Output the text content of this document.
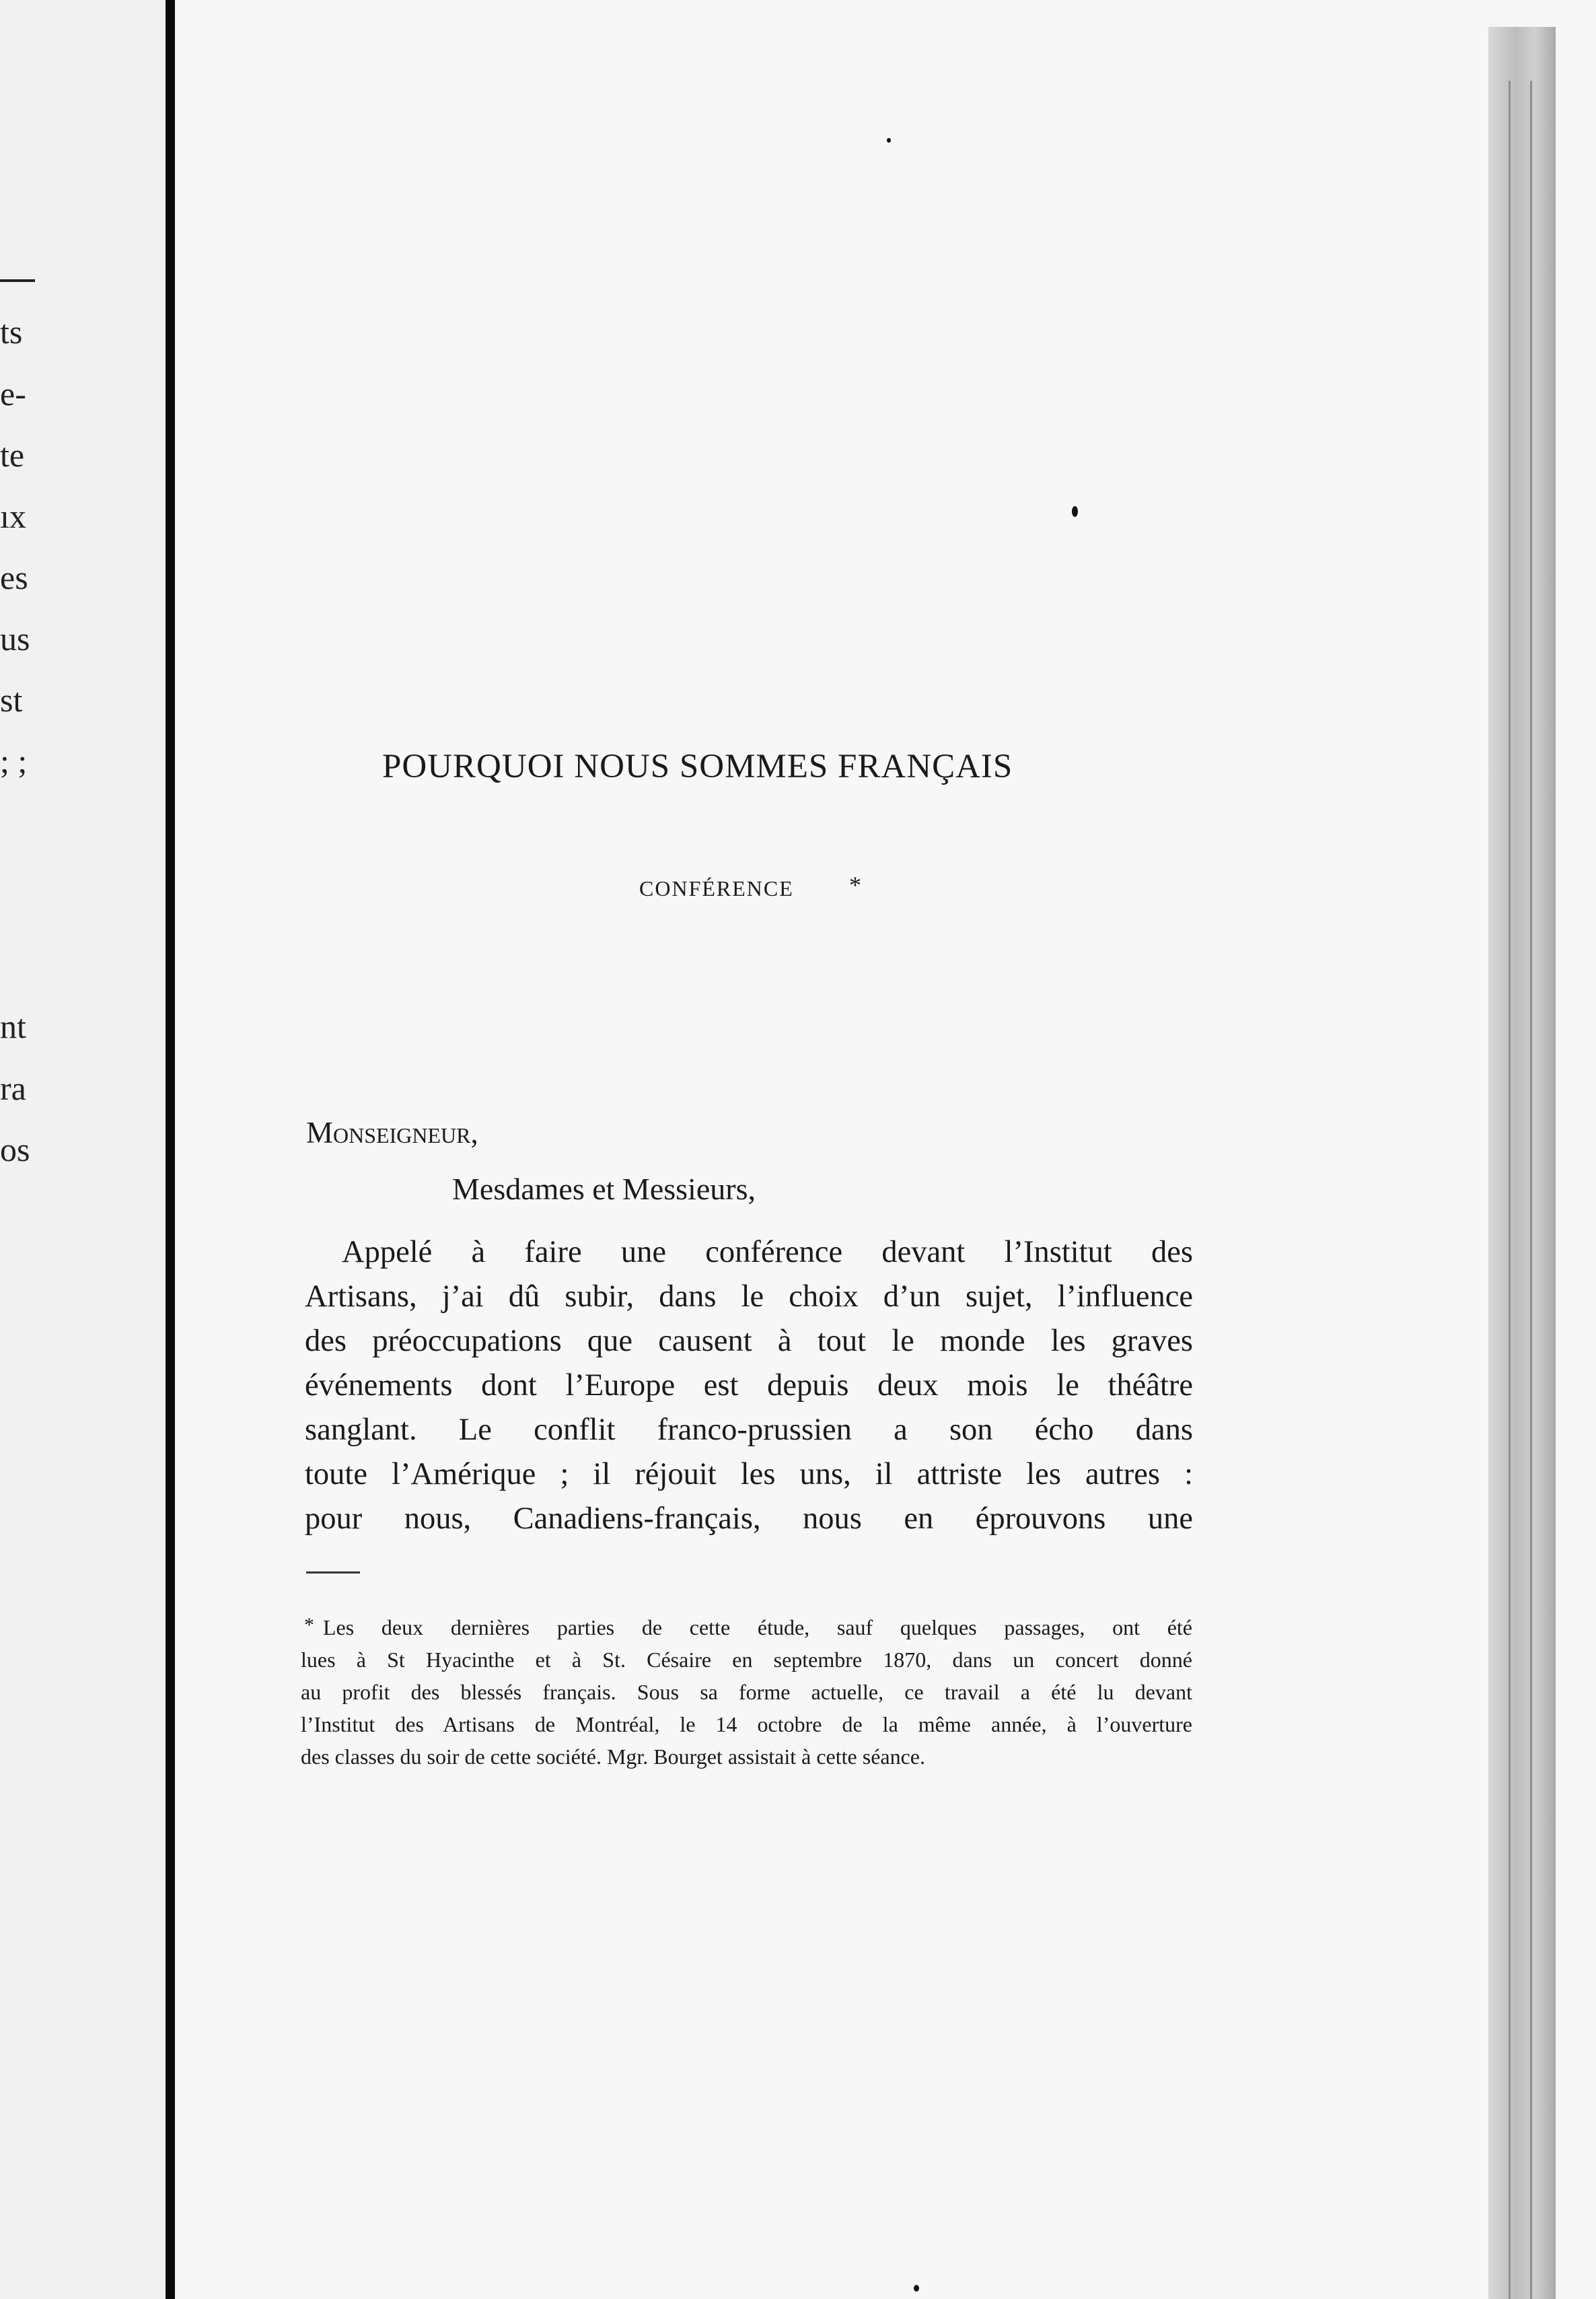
ts
e-
te
ıx
es
us
st
; ;
nt
ra
os
POURQUOI NOUS SOMMES FRANÇAIS
CONFÉRENCE *
Monseigneur,
Mesdames et Messieurs,
Appelé à faire une conférence devant l’Institut des
Artisans, j’ai dû subir, dans le choix d’un sujet, l’influence
des préoccupations que causent à tout le monde les graves
événements dont l’Europe est depuis deux mois le théâtre
sanglant. Le conflit franco-prussien a son écho dans
toute l’Amérique ; il réjouit les uns, il attriste les autres :
pour nous, Canadiens-français, nous en éprouvons une
* Les deux dernières parties de cette étude, sauf quelques passages, ont été
lues à St Hyacinthe et à St. Césaire en septembre 1870, dans un concert donné
au profit des blessés français. Sous sa forme actuelle, ce travail a été lu devant
l’Institut des Artisans de Montréal, le 14 octobre de la même année, à l’ouverture
des classes du soir de cette société. Mgr. Bourget assistait à cette séance.
